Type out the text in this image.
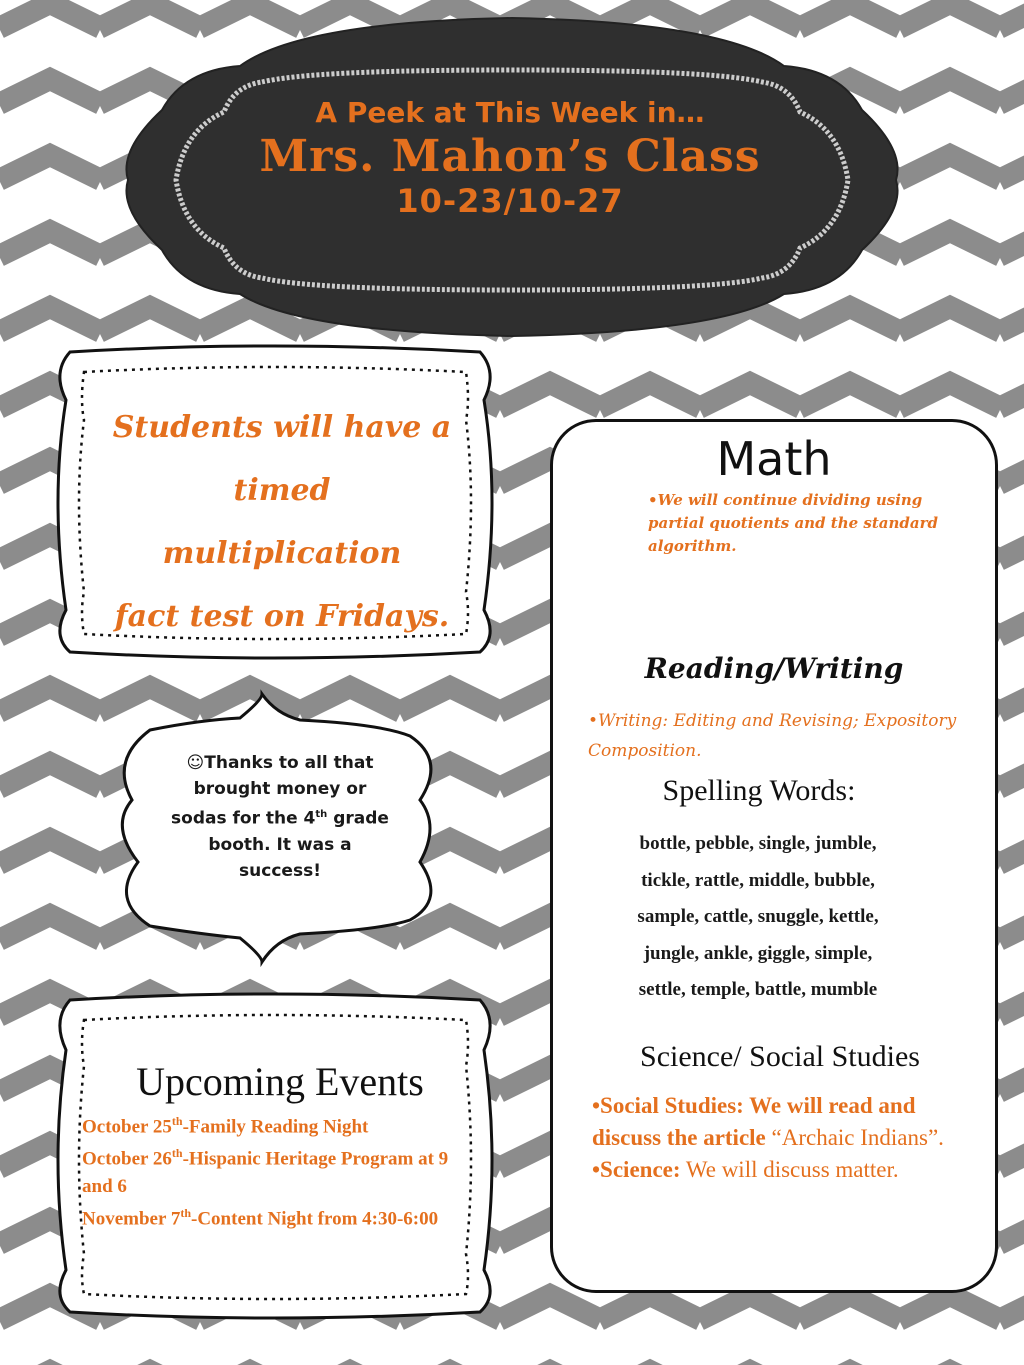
A Peek at This Week in…
Mrs. Mahon’s Class
10-23/10-27
Students will have a
timed multiplication
fact test on Fridays.
☺Thanks to all that
brought money or
sodas for the 4th grade
booth. It was a
success!
Upcoming Events
October 25th-Family Reading Night
October 26th-Hispanic Heritage Program at 9 and 6
November 7th-Content Night from 4:30-6:00
Math
•We will continue dividing using partial quotients and the standard algorithm.
Reading/Writing
•Writing: Editing and Revising; Expository Composition.
Spelling Words:
bottle, pebble, single, jumble,
tickle, rattle, middle, bubble,
sample, cattle, snuggle, kettle,
jungle, ankle, giggle, simple,
settle, temple, battle, mumble
Science/ Social Studies
•Social Studies: We will read and discuss the article “Archaic Indians”.
•Science: We will discuss matter.
